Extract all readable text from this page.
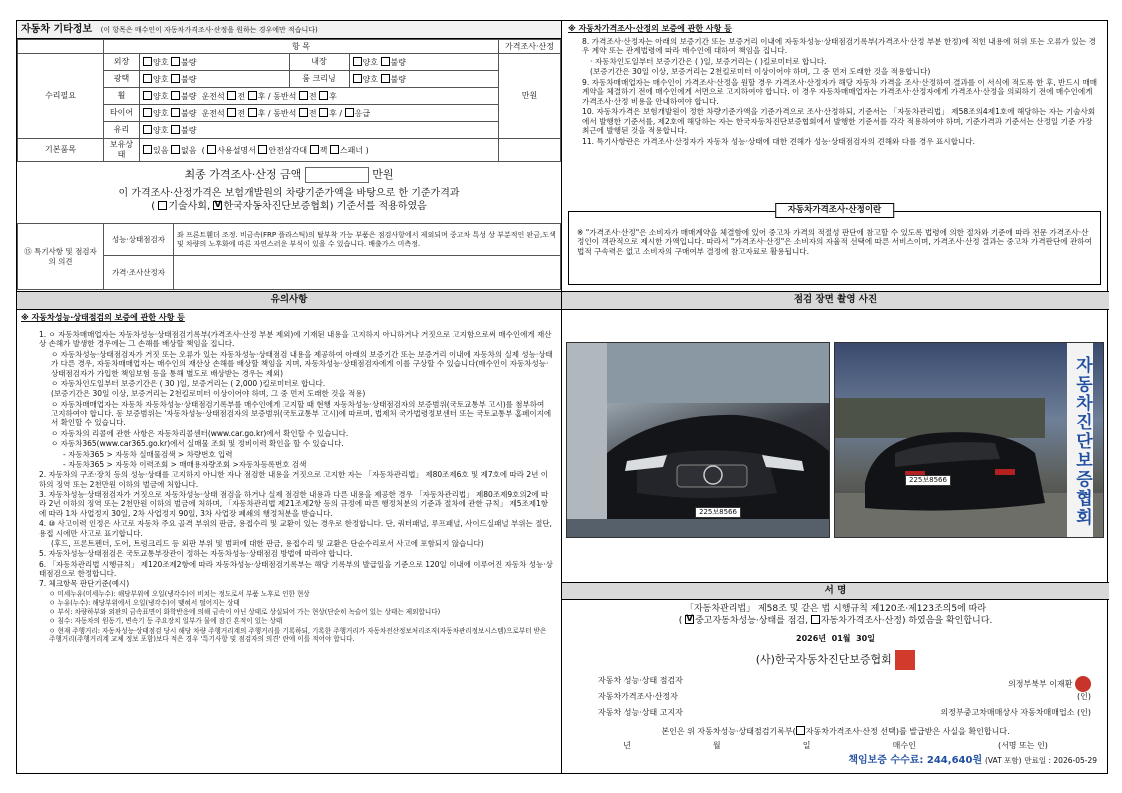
자동차 기타정보 (이 항목은 매수인이 자동차가격조사·산정을 원하는 경우에만 적습니다)
	항 목				가격조사·산정
수리필요	외장	양호 불량	내장	양호 불량	만원
	광택	양호 불량	룸 크리닝	양호 불량	
	휠	양호 불량 운전석 전 후 / 동반석 전 후			
	타이어	양호 불량 운전석 전 후 / 동반석 전 후 / 응급			
	유리	양호 불량			
기본품목	보유상태	있음 없음  ( 사용설명서 안전삼각대 잭 스패너 )			
최종 가격조사·산정 금액	만원

이 가격조사·산정가격은 보험개발원의 차량기준가액을 바탕으로 한 기준가격과

( 기술사회, V한국자동차진단보증협회) 기준서를 적용하였음

⑮ 특기사항 및 점검자의 의견	성능·상태점검자	좌 프론트휀더 조정. 비금속(FRP 플라스틱)의 탈부착 가능 부품은 점검사항에서 제외되며 중고차 특성 상 부분적인 판금,도색 및 차량의 노후화에 따른 자연스러운 부식이 있을 수 있습니다. 배출가스 미측정.
	가격·조사산정자	

※ 자동차가격조사·산정의 보증에 관한 사항 등

8. 가격조사·산정자는 아래의 보증기간 또는 보증거리 이내에 자동차성능·상태점검기록부(가격조사·산정 부분 한정)에 적힌 내용에 허위 또는 오류가 있는 경우 계약 또는 관계법령에 따라 매수인에 대하여 책임을 집니다.

· 자동차인도일부터 보증기간은 ( )일, 보증거리는 ( )킬로미터로 합니다.

(보증기간은 30일 이상, 보증거리는 2천킬로미터 이상이어야 하며, 그 중 먼저 도래한 것을 적용합니다)

9. 자동차매매업자는 매수인이 가격조사·산정을 원할 경우 가격조사·산정자가 해당 자동차 가격을 조사·산정하여 결과를 이 서식에 적도록 한 후, 반드시 매매계약을 체결하기 전에 매수인에게 서면으로 고지하여야 합니다. 이 경우 자동차매매업자는 가격조사·산정자에게 가격조사·산정을 의뢰하기 전에 매수인에게 가격조사·산정 비용을 안내하여야 합니다.

10. 자동차가격은 보험개발원이 정한 차량기준가액을 기준가격으로 조사·산정하되, 기준서는 「자동차관리법」 제58조의4제1호에 해당하는 자는 기술사회에서 발행한 기준서를, 제2호에 해당하는 자는 한국자동차진단보증협회에서 발행한 기준서를 각각 적용하여야 하며, 기준가격과 기준서는 산정일 기준 가장 최근에 발행된 것을 적용합니다.

11. 특기사항란은 가격조사·산정자가 자동차 성능·상태에 대한 견해가 성능·상태점검자의 견해와 다를 경우 표시합니다.

자동차가격조사·산정이란

※ "가격조사·산정"은 소비자가 매매계약을 체결함에 있어 중고차 가격의 적절성 판단에 참고할 수 있도록 법령에 의한 절차와 기준에 따라 전문 가격조사·산정인이 객관적으로 제시한 가액입니다. 따라서 "가격조사·산정"은 소비자의 자율적 선택에 따른 서비스이며, 가격조사·산정 결과는 중고차 가격판단에 관하여 법적 구속력은 없고 소비자의 구매여부 결정에 참고자료로 활용됩니다.

유의사항

※ 자동차성능·상태점검의 보증에 관한 사항 등

1. ㅇ 자동차매매업자는 자동차성능·상태점검기록부(가격조사·산정 부분 제외)에 기재된 내용을 고지하지 아니하거나 거짓으로 고지함으로써 매수인에게 재산상 손해가 발생한 경우에는 그 손해를 배상할 책임을 집니다.

ㅇ 자동차성능·상태점검자가 거짓 또는 오류가 있는 자동차성능·상태점검 내용을 제공하여 아래의 보증기간 또는 보증거리 이내에 자동차의 실제 성능·상태가 다른 경우, 자동차매매업자는 매수인의 재산상 손해를 배상할 책임을 지며, 자동차성능·상태점검자에게 이를 구상할 수 있습니다(매수인이 자동차성능·상태점검자가 가입한 책임보험 등을 통해 별도로 배상받는 경우는 제외)

ㅇ 자동차인도일부터 보증기간은 ( 30 )일, 보증거리는 ( 2,000 )킬로미터로 합니다.

(보증기간은 30일 이상, 보증거리는 2천킬로미터 이상이어야 하며, 그 중 먼저 도래한 것을 적용)

ㅇ 자동차매매업자는 자동차 자동차성능·상태점검기록부를 매수인에게 고지할 때 현행 자동차성능·상태점검자의 보증범위(국토교통부 고시)를 첨부하여 고지하여야 합니다. 동 보증범위는 '자동차성능·상태점검자의 보증범위(국토교통부 고시)에 따르며, 법제처 국가법령정보센터 또는 국토교통부 홈페이지에서 확인할 수 있습니다.

ㅇ 자동차의 리콜에 관한 사항은 자동차리콜센터(www.car.go.kr)에서 확인할 수 있습니다.

ㅇ 자동차365(www.car365.go.kr)에서 실매물 조회 및 정비이력 확인을 할 수 있습니다.

- 자동차365 > 자동차 실매물검색 > 차량번호 입력

- 자동차365 > 자동차 이력조회 > 매매용자량조회 >자동차등록번호 검색

2. 자동차의 구조·장치 등의 성능·상태를 고지하지 아니한 자나 점검한 내용을 거짓으로 고지한 자는 「자동차관리법」 제80조제6호 및 제7호에 따라 2년 이하의 징역 또는 2천만원 이하의 벌금에 처합니다.

3. 자동차성능·상태점검자가 거짓으로 자동차성능·상태 점검을 하거나 실제 점검한 내용과 다른 내용을 제공한 경우 「자동차관리법」 제80조제9호의2에 따라 2년 이하의 징역 또는 2천만원 이하의 벌금에 처하며, 「자동차관리법 제21조제2항 등의 규정에 따른 행정처분의 기준과 절차에 관한 규칙」 제5조제1항에 따라 1차 사업정지 30일, 2차 사업정지 90일, 3차 사업장 폐쇄의 행정처분을 받습니다.

4. ⑩ 사고이력 인정은 사고로 자동차 주요 골격 부위의 판금, 용접수리 및 교환이 있는 경우로 한정합니다. 단, 쿼터패널, 루프패널, 사이드실패널 부위는 절단, 용접 시에만 사고로 표기합니다.

(후드, 프론트펜더, 도어, 트렁크리드 등 외판 부위 및 범퍼에 대한 판금, 용접수리 및 교환은 단순수리로서 사고에 포함되지 않습니다)

5. 자동차성능·상태점검은 국토교통부장관이 정하는 자동차성능·상태점검 방법에 따라야 합니다.

6. 「자동차관리법 시행규칙」 제120조제2항에 따라 자동차성능·상태점검기록부는 해당 기록부의 발급일을 기준으로 120일 이내에 이루어진 자동차 성능·상태점검으로 한정합니다.

7. 체크항목 판단기준(예시)

ㅇ 미세누유(미세누수): 해당부위에 오일(냉각수)이 비치는 정도로서 부품 노후로 인한 현상

ㅇ 누유(누수): 해당부위에서 오일(냉각수)이 맺혀서 떨어지는 상태

ㅇ 부식: 차량하부와 외판의 금속표면이 화학반응에 의해 금속이 아닌 상태로 상실되어 가는 현상(단순히 녹슬어 있는 상태는 제외합니다)

ㅇ 침수: 자동차의 원동기, 변속기 등 주요장치 일부가 물에 잠긴 흔적이 있는 상태

ㅇ 현재 주행거리: 자동차성능·상태점검 당시 해당 차량 주행거리계의 주행거리를 기록하되, 기록한 주행거리가 자동차전산정보처리조직(자동차관리정보시스템)으로부터 받은 주행거리(주행거리계 교체 정보 포함)보다 적은 경우 '특기사항 및 점검자의 의견' 란에 이를 적어야 합니다.

점검 장면 촬영 사진
225보8566
225보8566	자동차진단보증협회
서 명

「자동차관리법」 제58조 및 같은 법 시행규칙 제120조·제123조의5에 따라

( V중고자동차성능·상태를 점검, 자동차가격조사·산정) 하였음을 확인합니다.

2026년 01월 30일

(사)한국자동차진단보증협회

자동차 성능·상태 점검자	의정부북부 이재환
자동차가격조사·산정자	(인)
자동차 성능·상태 고지자	의정부중고차매매상사 자동차매매업소 (인)

본인은 위 자동차성능·상태점검기록부( 자동차가격조사·산정 선택)를 발급받은 사실을 확인합니다.

년	월	일	매수인	(서명 또는 인)
책임보증 수수료: 244,640원 (VAT 포함) 만료일 : 2026-05-29
